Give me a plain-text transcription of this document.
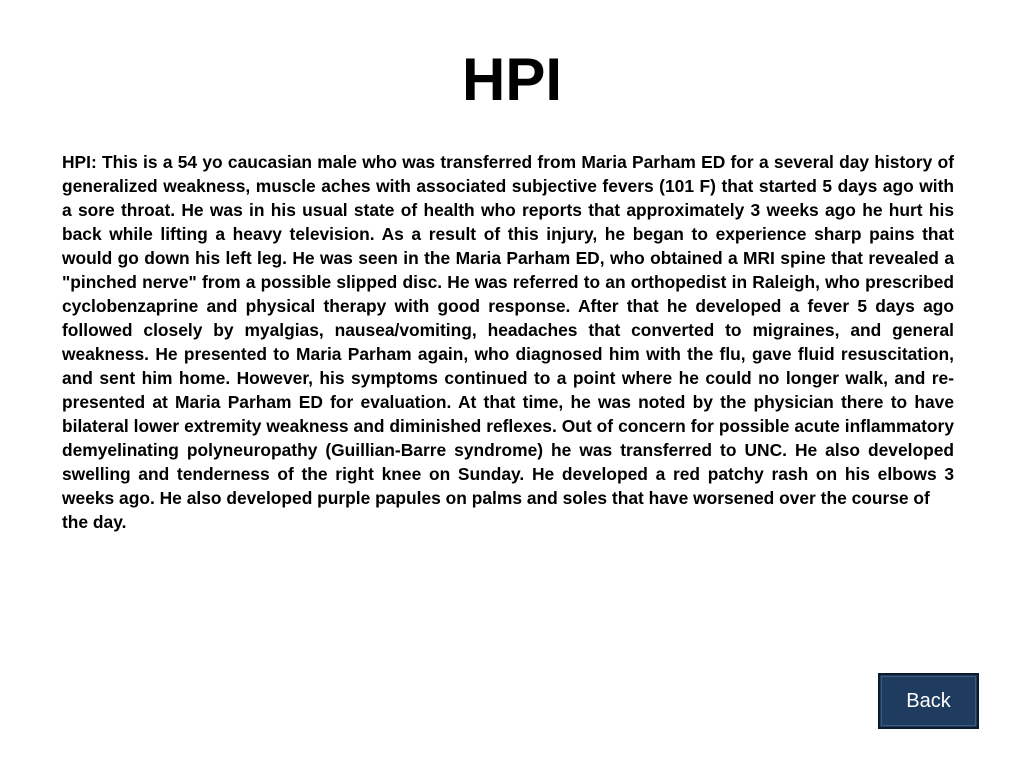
HPI

HPI: This is a 54 yo caucasian male who was transferred from Maria Parham ED for a several day history of generalized weakness, muscle aches with associated subjective fevers (101 F) that started 5 days ago with a sore throat. He was in his usual state of health who reports that approximately 3 weeks ago he hurt his back while lifting a heavy television. As a result of this injury, he began to experience sharp pains that would go down his left leg. He was seen in the Maria Parham ED, who obtained a MRI spine that revealed a "pinched nerve" from a possible slipped disc. He was referred to an orthopedist in Raleigh, who prescribed cyclobenzaprine and physical therapy with good response. After that he developed a fever 5 days ago followed closely by myalgias, nausea/vomiting, headaches that converted to migraines, and general weakness. He presented to Maria Parham again, who diagnosed him with the flu, gave fluid resuscitation, and sent him home. However, his symptoms continued to a point where he could no longer walk, and re-presented at Maria Parham ED for evaluation. At that time, he was noted by the physician there to have bilateral lower extremity weakness and diminished reflexes. Out of concern for possible acute inflammatory demyelinating polyneuropathy (Guillian-Barre syndrome) he was transferred to UNC. He also developed swelling and tenderness of the right knee on Sunday. He developed a red patchy rash on his elbows 3 weeks ago. He also developed purple papules on palms and soles that have worsened over the course of

the day.

Back
